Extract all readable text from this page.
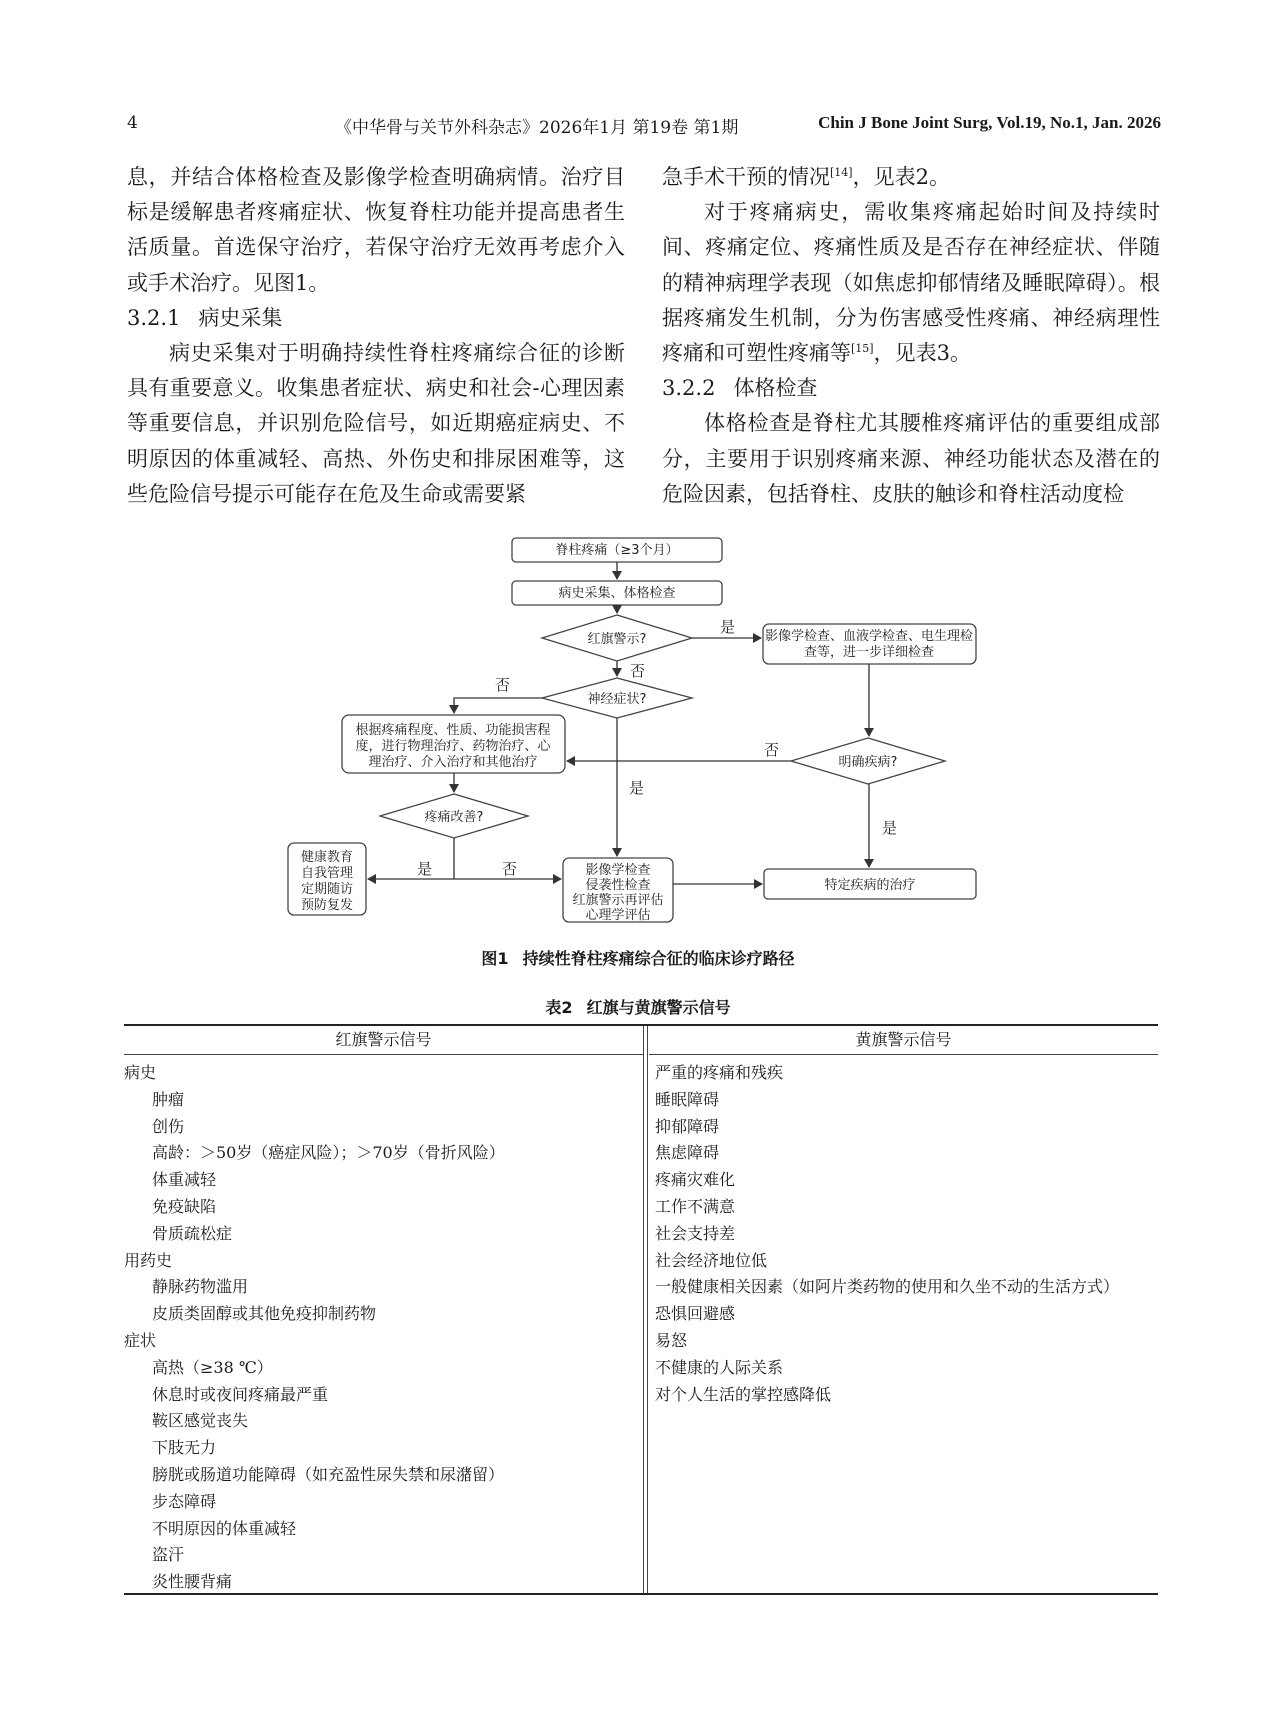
4	《中华骨与关节外科杂志》2026年1月 第19卷 第1期	Chin J Bone Joint Surg, Vol.19, No.1, Jan. 2026

息，并结合体格检查及影像学检查明确病情。治疗目标是缓解患者疼痛症状、恢复脊柱功能并提高患者生活质量。首选保守治疗，若保守治疗无效再考虑介入或手术治疗。见图1。

3.2.1 病史采集

病史采集对于明确持续性脊柱疼痛综合征的诊断具有重要意义。收集患者症状、病史和社会-心理因素等重要信息，并识别危险信号，如近期癌症病史、不明原因的体重减轻、高热、外伤史和排尿困难等，这些危险信号提示可能存在危及生命或需要紧

急手术干预的情况[14]，见表2。

对于疼痛病史，需收集疼痛起始时间及持续时间、疼痛定位、疼痛性质及是否存在神经症状、伴随的精神病理学表现（如焦虑抑郁情绪及睡眠障碍）。根据疼痛发生机制，分为伤害感受性疼痛、神经病理性疼痛和可塑性疼痛等[15]，见表3。

3.2.2 体格检查

体格检查是脊柱尤其腰椎疼痛评估的重要组成部分，主要用于识别疼痛来源、神经功能状态及潜在的危险因素，包括脊柱、皮肤的触诊和脊柱活动度检

脊柱疼痛（≥3个月）
病史采集、体格检查
红旗警示?	影像学检查、血液学检查、电生理检
查等，进一步详细检查
神经症状?
根据疼痛程度、性质、功能损害程
度，进行物理治疗、药物治疗、心
理治疗、介入治疗和其他治疗	明确疾病?
疼痛改善?
健康教育
自我管理
定期随访
预防复发
影像学检查
侵袭性检查
红旗警示再评估
心理学评估
特定疾病的治疗
是
否
否
否
是
是
是	否
图1 持续性脊柱疼痛综合征的临床诊疗路径
表2 红旗与黄旗警示信号
红旗警示信号	黄旗警示信号
病史
肿瘤
创伤
高龄：＞50岁（癌症风险）；＞70岁（骨折风险）
体重减轻
免疫缺陷
骨质疏松症
用药史
静脉药物滥用
皮质类固醇或其他免疫抑制药物
症状
高热（≥38 ℃）
休息时或夜间疼痛最严重
鞍区感觉丧失
下肢无力
膀胱或肠道功能障碍（如充盈性尿失禁和尿潴留）
步态障碍
不明原因的体重减轻
盗汗
炎性腰背痛
严重的疼痛和残疾
睡眠障碍
抑郁障碍
焦虑障碍
疼痛灾难化
工作不满意
社会支持差
社会经济地位低
一般健康相关因素（如阿片类药物的使用和久坐不动的生活方式）
恐惧回避感
易怒
不健康的人际关系
对个人生活的掌控感降低
